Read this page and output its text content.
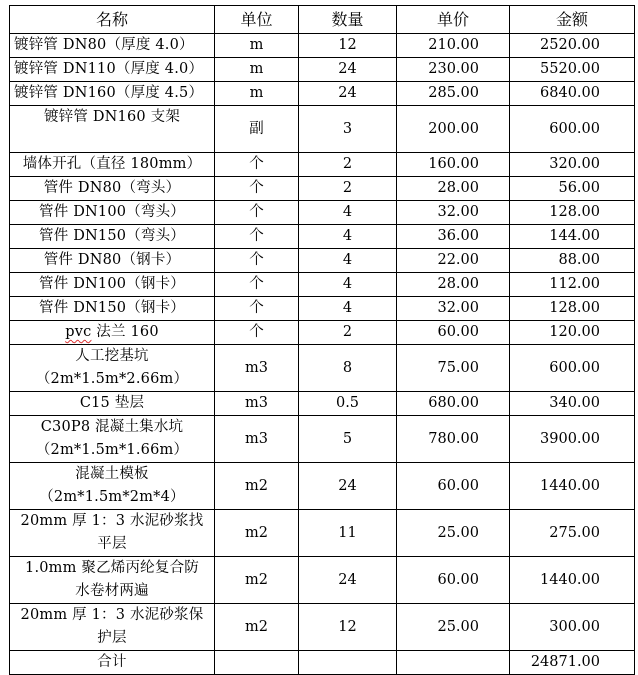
名称	单位	数量	单价	金额
镀锌管 DN80（厚度 4.0）	m	12	210.00	2520.00
镀锌管 DN110（厚度 4.0）	m	24	230.00	5520.00
镀锌管 DN160（厚度 4.5）	m	24	285.00	6840.00
镀锌管 DN160 支架	副	3	200.00	600.00
墙体开孔（直径 180mm）	个	2	160.00	320.00
管件 DN80（弯头）	个	2	28.00	56.00
管件 DN100（弯头）	个	4	32.00	128.00
管件 DN150（弯头）	个	4	36.00	144.00
管件 DN80（钢卡）	个	4	22.00	88.00
管件 DN100（钢卡）	个	4	28.00	112.00
管件 DN150（钢卡）	个	4	32.00	128.00
pvc 法兰 160	个	2	60.00	120.00

人工挖基坑
（2m*1.5m*2.66m）	m3	8	75.00	600.00
C15 垫层	m3	0.5	680.00	340.00

C30P8 混凝土集水坑
（2m*1.5m*1.66m）	m3	5	780.00	3900.00

混凝土模板
（2m*1.5m*2m*4）	m2	24	60.00	1440.00

20mm 厚 1：3 水泥砂浆找
平层	m2	11	25.00	275.00

1.0mm 聚乙烯丙纶复合防
水卷材两遍	m2	24	60.00	1440.00

20mm 厚 1：3 水泥砂浆保
护层	m2	12	25.00	300.00
合计				24871.00
